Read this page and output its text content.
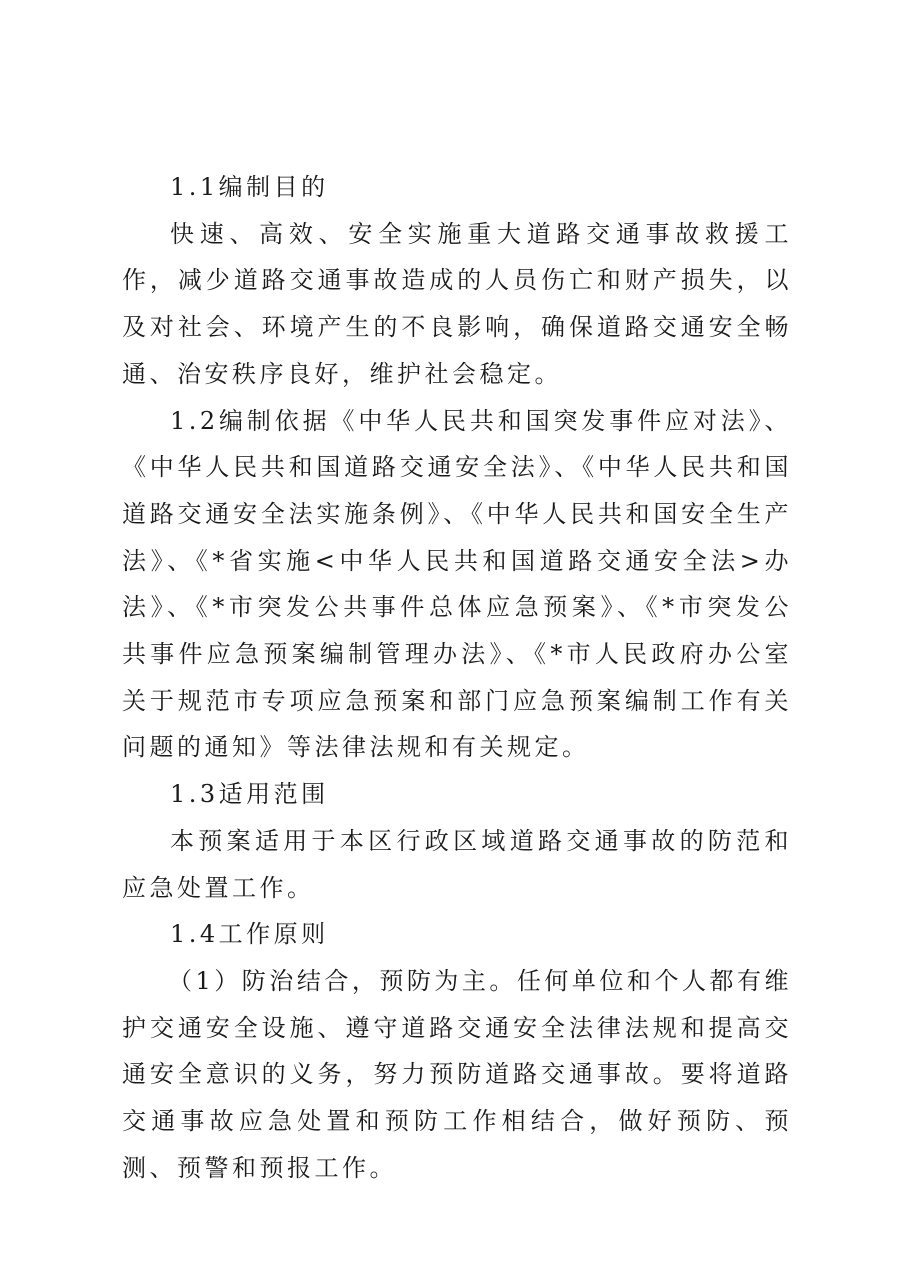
1.1编制目的

快速、高效、安全实施重大道路交通事故救援工作，减少道路交通事故造成的人员伤亡和财产损失，以及对社会、环境产生的不良影响，确保道路交通安全畅通、治安秩序良好，维护社会稳定。

1.2编制依据《中华人民共和国突发事件应对法》、《中华人民共和国道路交通安全法》、《中华人民共和国道路交通安全法实施条例》、《中华人民共和国安全生产法》、《*省实施<中华人民共和国道路交通安全法>办法》、《*市突发公共事件总体应急预案》、《*市突发公共事件应急预案编制管理办法》、《*市人民政府办公室关于规范市专项应急预案和部门应急预案编制工作有关问题的通知》等法律法规和有关规定。

1.3适用范围

本预案适用于本区行政区域道路交通事故的防范和应急处置工作。

1.4工作原则

（1）防治结合，预防为主。任何单位和个人都有维护交通安全设施、遵守道路交通安全法律法规和提高交通安全意识的义务，努力预防道路交通事故。要将道路交通事故应急处置和预防工作相结合，做好预防、预测、预警和预报工作。
